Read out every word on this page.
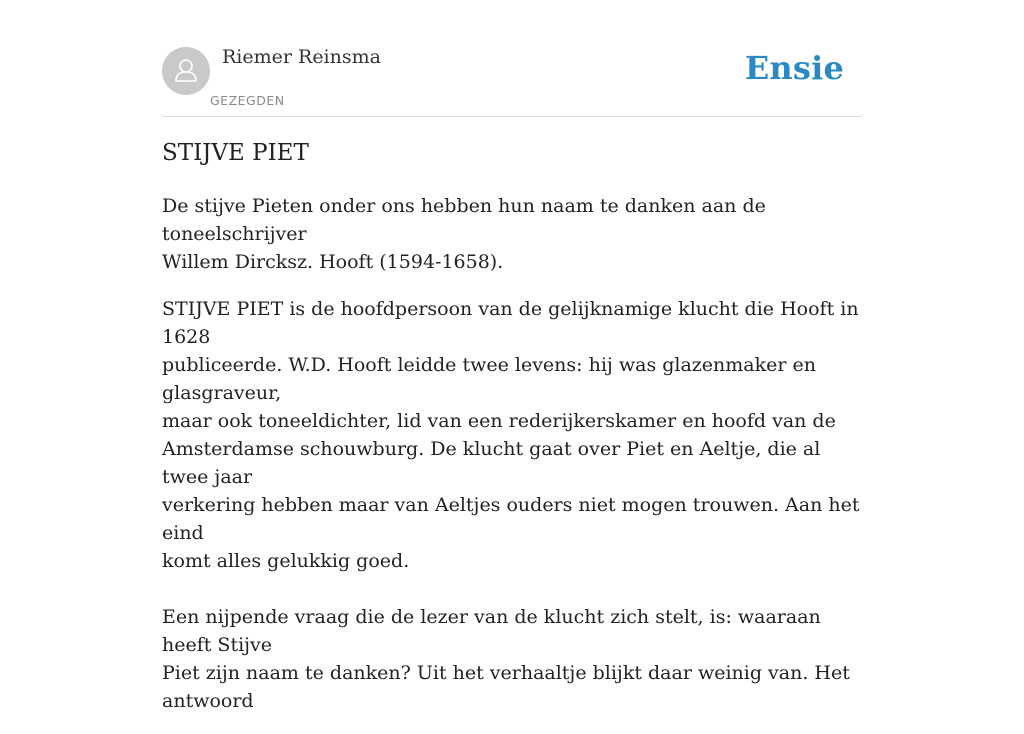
Riemer Reinsma
GEZEGDEN
Ensie
STIJVE PIET

De stijve Pieten onder ons hebben hun naam te danken aan de toneelschrijver
Willem Dircksz. Hooft (1594-1658).

STIJVE PIET is de hoofdpersoon van de gelijknamige klucht die Hooft in 1628
publiceerde. W.D. Hooft leidde twee levens: hij was glazenmaker en glasgraveur,
maar ook toneeldichter, lid van een rederijkerskamer en hoofd van de
Amsterdamse schouwburg. De klucht gaat over Piet en Aeltje, die al twee jaar
verkering hebben maar van Aeltjes ouders niet mogen trouwen. Aan het eind
komt alles gelukkig goed.

Een nijpende vraag die de lezer van de klucht zich stelt, is: waaraan heeft Stijve
Piet zijn naam te danken? Uit het verhaaltje blijkt daar weinig van. Het antwoord
